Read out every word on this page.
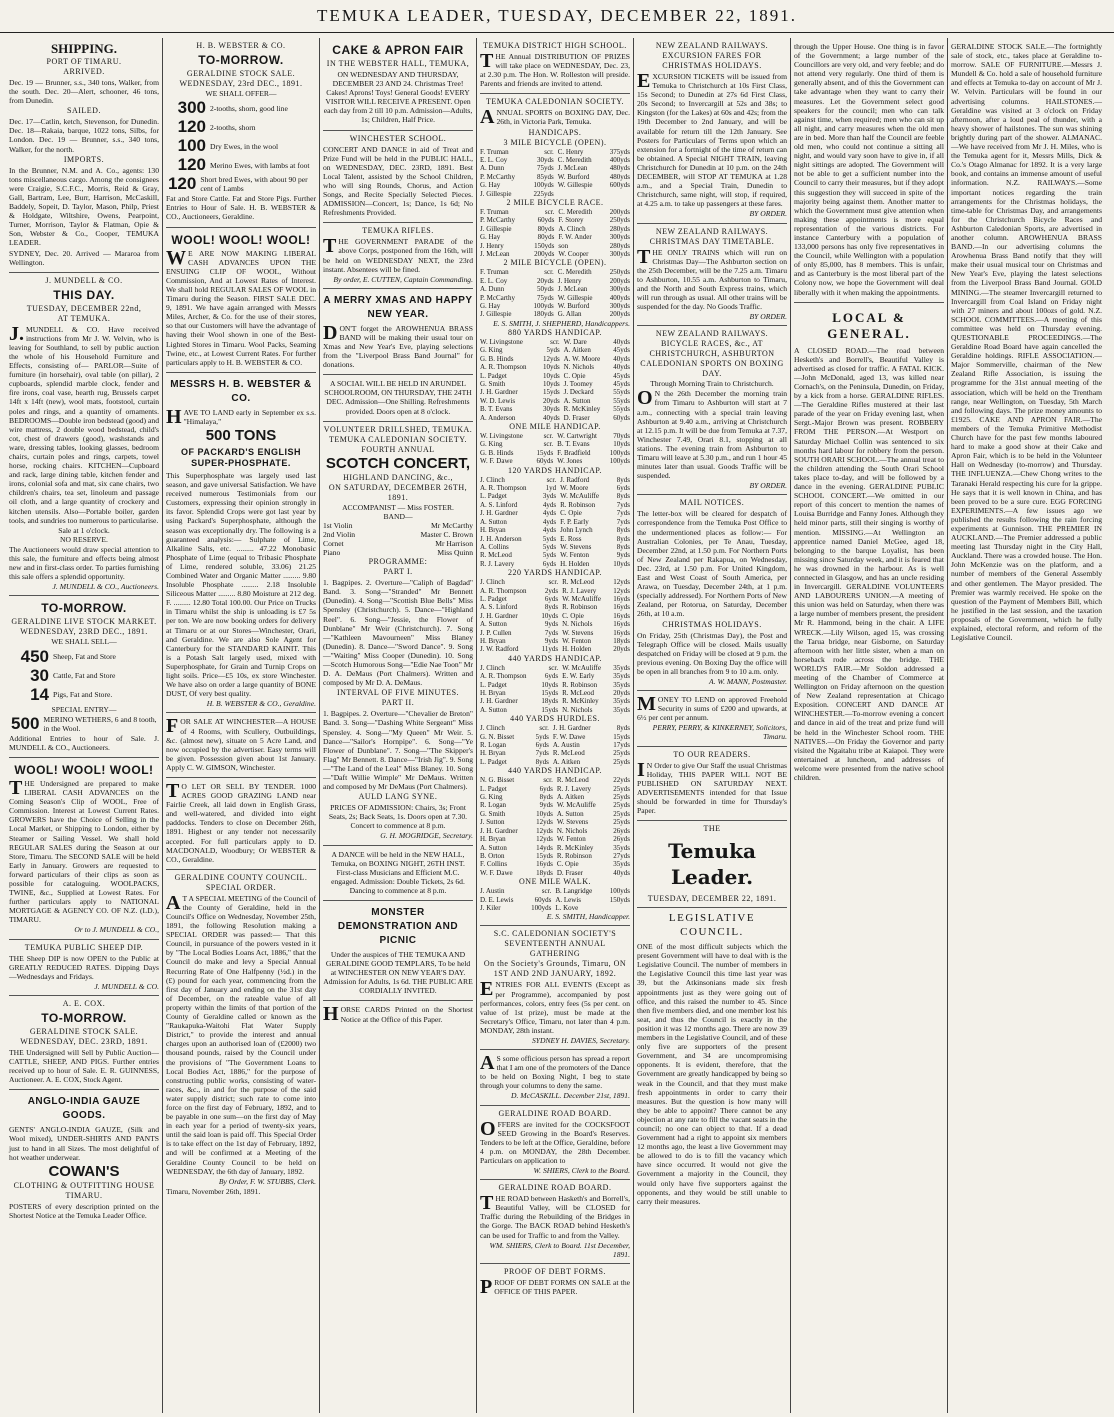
TEMUKA LEADER, TUESDAY, DECEMBER 22, 1891.
SHIPPING.
PORT OF TIMARU.
ARRIVED.
Dec. 19 — Brunner, s.s., 340 tons, Walker, from the south. Dec. 20—Alert, schooner, 46 tons, from Dunedin.
SAILED.
Dec. 17—Catlin, ketch, Stevenson, for Dunedin. Dec. 18—Rakaia, barque, 1022 tons, Silbs, for London. Dec. 19 — Brunner, s.s., 340 tons, Walker, for the north.
IMPORTS.
In the Brunner, N.M. and A. Co., agents: 130 tons miscellaneous cargo. Among the consignees were Craigie, S.C.F.C., Morris, Reid & Gray, Gall, Bartram, Lee, Burr, Harrison, McCaskill, Baddely, Sopeit, D. Taylor, Mason, Philp, Priest & Holdgate, Wiltshire, Owens, Pearpoint, Turner, Morrison, Taylor & Flatman, Opie & Son, Webster & Co., Cooper, TEMUKA LEADER.
SYDNEY, Dec. 20. Arrived — Mararoa from Wellington.
J. MUNDELL & CO.
THIS DAY.
TUESDAY, DECEMBER 22nd,
AT TEMUKA.
J.MUNDELL & CO. Have received instructions from Mr J. W. Velvin, who is leaving for Southland, to sell by public auction the whole of his Household Furniture and Effects, consisting of— PARLOR—Suite of furniture (in horsehair), oval table (on pillar), 2 cupboards, splendid marble clock, fender and fire irons, coal vase, hearth rug, Brussels carpet 14ft x 14ft (new), wool mats, footstool, curtain poles and rings, and a quantity of ornaments. BEDROOMS—Double iron bedstead (good) and wire mattress, 2 double wood bedstead, child's cot, chest of drawers (good), washstands and ware, dressing tables, looking glasses, bedroom chairs, curtain poles and rings, carpets, towel horse, rocking chairs. KITCHEN—Cupboard and rack, large dining table, kitchen fender and irons, colonial sofa and mat, six cane chairs, two children's chairs, tea set, linoleum and passage oil cloth, and a large quantity of crockery and kitchen utensils. Also—Portable boiler, garden tools, and sundries too numerous to particularise.
Sale at 1 o'clock.
NO RESERVE.
The Auctioneers would draw special attention to this sale, the furniture and effects being almost new and in first-class order. To parties furnishing this sale offers a splendid opportunity.
J. MUNDELL & CO., Auctioneers.
TO-MORROW.
GERALDINE LIVE STOCK MARKET.
WEDNESDAY, 23RD DEC., 1891.
WE SHALL SELL—
450 Sheep, Fat and Store
30 Cattle, Fat and Store
14 Pigs, Fat and Store.
SPECIAL ENTRY—
500 MERINO WETHERS, 6 and 8 tooth, in the Wool.
Additional Entries to hour of Sale. J. MUNDELL & CO., Auctioneers.
WOOL! WOOL! WOOL!
THE Undersigned are prepared to make LIBERAL CASH ADVANCES on the Coming Season's Clip of WOOL, Free of Commission. Interest at Lowest Current Rates. GROWERS have the Choice of Selling in the Local Market, or Shipping to London, either by Steamer or Sailing Vessel. We shall hold REGULAR SALES during the Season at our Store, Timaru. The SECOND SALE will be held Early in January. Growers are requested to forward particulars of their clips as soon as possible for cataloguing. WOOLPACKS, TWINE, &c., Supplied at Lowest Rates. For further particulars apply to NATIONAL MORTGAGE & AGENCY CO. OF N.Z. (LD.), TIMARU.
Or to J. MUNDELL & CO.,
TEMUKA PUBLIC SHEEP DIP.
THE Sheep DIP is now OPEN to the Public at GREATLY REDUCED RATES. Dipping Days—Wednesdays and Fridays.
J. MUNDELL & CO.
A. E. COX.
TO-MORROW.
GERALDINE STOCK SALE.
WEDNESDAY, DEC. 23RD, 1891.
THE Undersigned will Sell by Public Auction— CATTLE, SHEEP, AND PIGS. Further entries received up to hour of Sale. E. R. GUINNESS, Auctioneer. A. E. COX, Stock Agent.
ANGLO-INDIA GAUZE GOODS.
GENTS' ANGLO-INDIA GAUZE, (Silk and Wool mixed), UNDER-SHIRTS AND PANTS just to hand in all Sizes. The most delightful of hot weather underwear.
COWAN'S
CLOTHING & OUTFITTING HOUSE TIMARU.
POSTERS of every description printed on the Shortest Notice at the Temuka Leader Office.
H. B. WEBSTER & CO.
TO-MORROW.
GERALDINE STOCK SALE.
WEDNESDAY, 23rd DEC., 1891.
WE SHALL OFFER—
300 2-tooths, shorn, good line
120 2-tooths, shorn
100 Dry Ewes, in the wool
120 Merino Ewes, with lambs at foot
120 Short bred Ewes, with about 90 per cent of Lambs
Fat and Store Cattle. Fat and Store Pigs. Further Entries to Hour of Sale. H. B. WEBSTER & CO., Auctioneers, Geraldine.
WOOL! WOOL! WOOL!
WE ARE NOW MAKING LIBERAL CASH ADVANCES UPON THE ENSUING CLIP OF WOOL, Without Commission, And at Lowest Rates of Interest. We shall hold REGULAR SALES OF WOOL in Timaru during the Season. FIRST SALE DEC. 9, 1891. We have again arranged with Messrs Miles, Archer, & Co. for the use of their stores, so that our Customers will have the advantage of having their Wool shown in one of the Best-Lighted Stores in Timaru. Wool Packs, Seaming Twine, etc., at Lowest Current Rates. For further particulars apply to H. B. WEBSTER & CO.
MESSRS H. B. WEBSTER & CO.
HAVE TO LAND early in September ex s.s. "Himalaya,"
500 TONS
OF PACKARD'S ENGLISH SUPER-PHOSPHATE.
This Superphosphate was largely used last season, and gave universal Satisfaction. We have received numerous Testimonials from our Customers, expressing their opinion strongly in its favor. Splendid Crops were got last year by using Packard's Superphosphate, although the season was exceptionally dry. The following is a guaranteed analysis:— Sulphate of Lime, Alkaline Salts, etc. ......... 47.22 Monobasic Phosphate of Lime (equal to Tribasic Phosphate of Lime, rendered soluble, 33.06) 21.25 Combined Water and Organic Matter ......... 9.80 Insoluble Phosphate ......... 2.18 Insoluble Siliceous Matter ......... 8.80 Moisture at 212 deg. F. ......... 12.80 Total 100.00. Our Price on Trucks in Timaru whilst the ship is unloading is £7 5s per ton. We are now booking orders for delivery at Timaru or at our Stores—Winchester, Orari, and Geraldine. We are also Sole Agent for Canterbury for the STANDARD KAINIT. This is a Potash Salt largely used, mixed with Superphosphate, for Grain and Turnip Crops on light soils. Price—£5 10s, ex store Winchester. We have also on order a large quantity of BONE DUST, Of very best quality.
H. B. WEBSTER & CO., Geraldine.
FOR SALE AT WINCHESTER—A HOUSE of 4 Rooms, with Scullery, Outbuildings, &c. (almost new), situate on 5 Acre Land, and now occupied by the advertiser. Easy terms will be given. Possession given about 1st January. Apply C. W. GIMSON, Winchester.
TO LET OR SELL BY TENDER. 1000 ACRES GOOD GRAZING LAND near Fairlie Creek, all laid down in English Grass, and well-watered, and divided into eight paddocks. Tenders to close on December 26th, 1891. Highest or any tender not necessarily accepted. For full particulars apply to D. MACDONALD, Woodbury; Or WEBSTER & CO., Geraldine.
GERALDINE COUNTY COUNCIL.
SPECIAL ORDER.
AT A SPECIAL MEETING of the Council of the County of Geraldine, held in the Council's Office on Wednesday, November 25th, 1891, the following Resolution making a SPECIAL ORDER was passed:— That this Council, in pursuance of the powers vested in it by "The Local Bodies Loans Act, 1886," that the Council do make and levy a Special Annual Recurring Rate of One Halfpenny (½d.) in the (£) pound for each year, commencing from the first day of January and ending on the 31st day of December, on the rateable value of all property within the limits of that portion of the County of Geraldine called or known as the "Raukapuka-Waitohi Flat Water Supply District," to provide the interest and annual charges upon an authorised loan of (£2000) two thousand pounds, raised by the Council under the provisions of "The Government Loans to Local Bodies Act, 1886," for the purpose of constructing public works, consisting of water-races, &c., in and for the purpose of the said water supply district; such rate to come into force on the first day of February, 1892, and to be payable in one sum—on the first day of May in each year for a period of twenty-six years, until the said loan is paid off. This Special Order is to take effect on the 1st day of February, 1892, and will be confirmed at a Meeting of the Geraldine County Council to be held on WEDNESDAY, the 6th day of January, 1892.
By Order, F. W. STUBBS, Clerk.
Timaru, November 26th, 1891.
CAKE & APRON FAIR
IN THE WEBSTER HALL, TEMUKA,
ON WEDNESDAY AND THURSDAY, DECEMBER 23 AND 24. Christmas Tree! Cakes! Aprons! Toys! General Goods! EVERY VISITOR WILL RECEIVE A PRESENT. Open each day from 2 till 10 p.m. Admission—Adults, 1s; Children, Half Price.
WINCHESTER SCHOOL.
CONCERT AND DANCE in aid of Treat and Prize Fund will be held in the PUBLIC HALL, on WEDNESDAY, DEC. 23RD, 1891. Best Local Talent, assisted by the School Children, who will sing Rounds, Chorus, and Action Songs, and Recite Specially Selected Pieces. ADMISSION—Concert, 1s; Dance, 1s 6d; No Refreshments Provided.
TEMUKA RIFLES.
THE GOVERNMENT PARADE of the above Corps, postponed from the 16th, will be held on WEDNESDAY NEXT, the 23rd instant. Absentees will be fined.
By order, E. CUTTEN, Captain Commanding.
A MERRY XMAS AND HAPPY NEW YEAR.
DON'T forget the AROWHENUA BRASS BAND will be making their usual tour on Xmas and New Year's Eve, playing selections from the "Liverpool Brass Band Journal" for donations.
A SOCIAL WILL BE HELD IN ARUNDEL SCHOOLROOM, ON THURSDAY, THE 24TH DEC. Admission—One Shilling. Refreshments provided. Doors open at 8 o'clock.
VOLUNTEER DRILLSHED, TEMUKA.
TEMUKA CALEDONIAN SOCIETY.
FOURTH ANNUAL
SCOTCH CONCERT,
HIGHLAND DANCING, &c.,
ON SATURDAY, DECEMBER 26TH, 1891.
ACCOMPANIST — Miss FOSTER.
BAND—
1st Violin	Mr McCarthy
2nd Violin	Master C. Brown
Cornet	Mr Harrison
Piano	Miss Quinn
PROGRAMME:
PART I.
1. Bagpipes. 2. Overture—"Caliph of Bagdad" Band. 3. Song—"Stranded" Mr Bennett (Dunedin). 4. Song—"Scottish Blue Bells" Miss Spensley (Christchurch). 5. Dance—"Highland Reel". 6. Song—"Jessie, the Flower of Dunblane" Mr Weir (Christchurch). 7. Song—"Kathleen Mavourneen" Miss Blaney (Dunedin). 8. Dance—"Sword Dance". 9. Song—"Waiting" Miss Cooper (Dunedin). 10. Song—Scotch Humorous Song—"Edie Nae Toon" Mr D. A. DeMaus (Port Chalmers). Written and composed by Mr D. A. DeMaus.
INTERVAL OF FIVE MINUTES.
PART II.
1. Bagpipes. 2. Overture—"Chevalier de Breton" Band. 3. Song—"Dashing White Sergeant" Miss Spensley. 4. Song—"My Queen" Mr Weir. 5. Dance—"Sailor's Hornpipe". 6. Song—"Ye Flower of Dunblane". 7. Song—"The Skipper's Flag" Mr Bennett. 8. Dance—"Irish Jig". 9. Song—"The Land of the Leal" Miss Blaney. 10. Song—"Daft Willie Wimple" Mr DeMaus. Written and composed by Mr DeMaus (Port Chalmers).
AULD LANG SYNE.
PRICES OF ADMISSION: Chairs, 3s; Front Seats, 2s; Back Seats, 1s. Doors open at 7.30. Concert to commence at 8 p.m.
G. H. MOGRIDGE, Secretary.
A DANCE will be held in the NEW HALL, Temuka, on BOXING NIGHT, 26TH INST. First-class Musicians and Efficient M.C. engaged. Admission: Double Tickets, 2s 6d. Dancing to commence at 8 p.m.
MONSTER DEMONSTRATION AND PICNIC
Under the auspices of THE TEMUKA AND GERALDINE GOOD TEMPLARS, To be held at WINCHESTER ON NEW YEAR'S DAY. Admission for Adults, 1s 6d. THE PUBLIC ARE CORDIALLY INVITED.
HORSE CARDS Printed on the Shortest Notice at the Office of this Paper.
TEMUKA DISTRICT HIGH SCHOOL.
THE Annual DISTRIBUTION OF PRIZES will take place on WEDNESDAY, Dec. 23, at 2.30 p.m. The Hon. W. Rolleston will preside. Parents and friends are invited to attend.
TEMUKA CALEDONIAN SOCIETY.
ANNUAL SPORTS on BOXING DAY, Dec. 26th, in Victoria Park, Temuka.
HANDICAPS.
3 MILE BICYCLE (OPEN).
F. Truman	scr.	C. Henry	375yds
E. L. Coy	30yds	C. Meredith	400yds
A. Dunn	75yds	J. McLean	480yds
P. McCarthy	85yds	W. Burford	480yds
G. Hay	100yds	W. Gillespie	600yds
J. Gillespie	225yds		
2 MILE BICYCLE RACE.
F. Truman	scr.	C. Meredith	200yds
P. McCarthy	60yds	F. Storey	250yds
J. Gillespie	80yds	A. Clinch	280yds
G. Hay	80yds	F. W. Ander	300yds
J. Henry	150yds	son	280yds
J. McLean	200yds	W. Cooper	300yds
2 MILE BICYCLE (OPEN).
F. Truman	scr.	C. Meredith	250yds
E. L. Coy	20yds	J. Henry	200yds
A. Dunn	50yds	J. McLean	300yds
P. McCarthy	75yds	W. Gillespie	400yds
G. Hay	100yds	W. Burford	300yds
J. Gillespie	180yds	G. Allan	200yds
E. S. SMITH, J. SHEPHERD, Handicappers.
880 YARDS HANDICAP.
W. Livingstone	scr.	W. Dare	40yds
G. King	5yds	A. Aitken	45yds
G. B. Hinds	12yds	A. W. Moore	40yds
A. R. Thompson	10yds	N. Nichols	40yds
L. Padget	10yds	C. Opie	45yds
G. Smith	10yds	J. Toomey	45yds
J. H. Gardner	15yds	J. Deckard	55yds
W. D. Lewis	20yds	A. Sutton	55yds
B. T. Evans	30yds	R. McKinley	55yds
A. Anderson	40yds	D. Fraser	60yds
ONE MILE HANDICAP.
W. Livingstone	scr.	W. Cartwright	70yds
G. King	scr.	B. T. Evans	10yds
G. B. Hinds	15yds	F. Bradfield	100yds
W. F. Dawe	60yds	W. Jones	100yds
120 YARDS HANDICAP.
J. Clinch	scr.	J. Radford	8yds
A. R. Thompson	1yd	W. Moore	6yds
L. Padget	3yds	W. McAuliffe	8yds
A. S. Linford	4yds	R. Robinson	7yds
J. H. Gardner	4yds	C. Opie	7yds
A. Sutton	4yds	F. P. Early	7yds
H. Bryan	4yds	John Lynch	8yds
J. H. Anderson	5yds	E. Ross	8yds
A. Collins	5yds	W. Stevens	8yds
R. McLeod	5yds	W. Fenton	9yds
R. J. Lavery	6yds	H. Holden	10yds
220 YARDS HANDICAP.
J. Clinch	scr.	R. McLeod	12yds
A. R. Thompson	2yds	R. J. Lavery	12yds
L. Padget	6yds	W. McAuliffe	16yds
A. S. Linford	8yds	R. Robinson	16yds
J. H. Gardner	10yds	C. Opie	16yds
A. Sutton	9yds	N. Nichols	16yds
J. P. Cullen	7yds	W. Stevens	16yds
H. Bryan	9yds	W. Fenton	18yds
J. W. Radford	11yds	H. Holden	20yds
440 YARDS HANDICAP.
J. Clinch	scr.	W. McAuliffe	35yds
A. R. Thompson	6yds	E. W. Early	35yds
L. Padget	10yds	R. Robinson	35yds
H. Bryan	15yds	R. McLeod	20yds
J. H. Gardner	18yds	R. McKinley	35yds
A. Sutton	15yds	N. Nichols	35yds
440 YARDS HURDLES.
J. Clinch	scr.	J. H. Gardner	8yds
G. N. Bisset	5yds	F. W. Dawe	15yds
R. Logan	6yds	A. Austin	17yds
H. Bryan	7yds	R. McLeod	25yds
L. Padget	8yds	A. Aitken	25yds
440 YARDS HANDICAP.
N. G. Bisset	scr.	R. McLeod	22yds
L. Padget	6yds	R. J. Lavery	25yds
G. King	8yds	A. Aitken	25yds
R. Logan	9yds	W. McAuliffe	25yds
G. Smith	10yds	A. Sutton	25yds
J. Sutton	12yds	W. Stevens	25yds
J. H. Gardner	12yds	N. Nichols	26yds
H. Bryan	12yds	W. Fenton	26yds
A. Sutton	14yds	R. McKinley	35yds
B. Orton	15yds	R. Robinson	27yds
F. Collins	16yds	C. Opie	35yds
W. F. Dawe	18yds	D. Fraser	40yds
ONE MILE WALK.
J. Austin	scr.	B. Langridge	100yds
D. E. Lewis	60yds	A. Lewis	150yds
J. Kiler	100yds	L. Kove	
E. S. SMITH, Handicapper.
S.C. CALEDONIAN SOCIETY'S SEVENTEENTH ANNUAL GATHERING
On the Society's Grounds, Timaru, ON 1ST AND 2ND JANUARY, 1892.
ENTRIES FOR ALL EVENTS (Except as per Programme), accompanied by post performances, colors, entry fees (5s per cent. on value of 1st prize), must be made at the Secretary's Office, Timaru, not later than 4 p.m. MONDAY, 28th instant.
SYDNEY H. DAVIES, Secretary.
AS some officious person has spread a report that I am one of the promoters of the Dance to be held on Boxing Night, I beg to state through your columns to deny the same.
D. McCASKILL. December 21st, 1891.
GERALDINE ROAD BOARD.
OFFERS are invited for the COCKSFOOT SEED Growing in the Board's Reserves. Tenders to be left at the Office, Geraldine, before 4 p.m. on MONDAY, the 28th December. Particulars on application to
W. SHIERS, Clerk to the Board.
GERALDINE ROAD BOARD.
THE ROAD between Hasketh's and Borrell's, Beautiful Valley, will be CLOSED for Traffic during the Rebuilding of the Bridges in the Gorge. The BACK ROAD behind Hesketh's can be used for Traffic to and from the Valley.
WM. SHIERS, Clerk to Board. 11st December, 1891.
PROOF OF DEBT FORMS.
PROOF OF DEBT FORMS ON SALE at the OFFICE OF THIS PAPER.
NEW ZEALAND RAILWAYS.
EXCURSION FARES FOR CHRISTMAS HOLIDAYS.
EXCURSION TICKETS will be issued from Temuka to Christchurch at 10s First Class, 15s Second; to Dunedin at 27s 6d First Class, 20s Second; to Invercargill at 52s and 38s; to Kingston (for the Lakes) at 60s and 42s; from the 19th December to 2nd January, and will be available for return till the 12th January. See Posters for Particulars of Terms upon which an extension for a fortnight of the time of return can be obtained. A Special NIGHT TRAIN, leaving Christchurch for Dunedin at 10 p.m. on the 24th DECEMBER, will STOP AT TEMUKA at 1.28 a.m., and a Special Train, Dunedin to Christchurch, same night, will stop, if required, at 4.25 a.m. to take up passengers at these fares.
BY ORDER.
NEW ZEALAND RAILWAYS.
CHRISTMAS DAY TIMETABLE.
THE ONLY TRAINS which will run on Christmas Day—The Ashburton section on the 25th December, will be the 7.25 a.m. Timaru to Ashburton, 10.55 a.m. Ashburton to Timaru, and the North and South Express trains, which will run through as usual. All other trains will be suspended for the day. No Goods Traffic.
BY ORDER.
NEW ZEALAND RAILWAYS.
BICYCLE RACES, &c., AT CHRISTCHURCH, ASHBURTON CALEDONIAN SPORTS ON BOXING DAY.
Through Morning Train to Christchurch.
ON the 26th December the morning train from Timaru to Ashburton will start at 7 a.m., connecting with a special train leaving Ashburton at 9.40 a.m., arriving at Christchurch at 12.15 p.m. It will be due from Temuka at 7.37, Winchester 7.49, Orari 8.1, stopping at all stations. The evening train from Ashburton to Timaru will leave at 5.30 p.m., and run 1 hour 45 minutes later than usual. Goods Traffic will be suspended.
BY ORDER.
MAIL NOTICES.
The letter-box will be cleared for despatch of correspondence from the Temuka Post Office to the undermentioned places as follow:— For Australian Colonies, per Te Anau, Tuesday, December 22nd, at 1.50 p.m. For Northern Ports of New Zealand per Rakapua, on Wednesday, Dec. 23rd, at 1.50 p.m. For United Kingdom, East and West Coast of South America, per Arawa, on Tuesday, December 24th, at 1 p.m. (specially addressed). For Northern Ports of New Zealand, per Rotorua, on Saturday, December 26th, at 10 a.m.
CHRISTMAS HOLIDAYS.
On Friday, 25th (Christmas Day), the Post and Telegraph Office will be closed. Mails usually despatched on Friday will be closed at 9 p.m. the previous evening. On Boxing Day the office will be open in all branches from 9 to 10 a.m. only.
A. W. MANN, Postmaster.
MONEY TO LEND on approved Freehold Security in sums of £200 and upwards, at 6½ per cent per annum.
PERRY, PERRY, & KINKERNEY, Solicitors, Timaru.
TO OUR READERS.
IN Order to give Our Staff the usual Christmas Holiday, THIS PAPER WILL NOT BE PUBLISHED ON SATURDAY NEXT. ADVERTISEMENTS intended for that Issue should be forwarded in time for Thursday's Paper.
THE
Temuka Leader.
TUESDAY, DECEMBER 22, 1891.
LEGISLATIVE COUNCIL.
ONE of the most difficult subjects which the present Government will have to deal with is the Legislative Council. The number of members in the Legislative Council this time last year was 39, but the Atkinsonians made six fresh appointments just as they were going out of office, and this raised the number to 45. Since then five members died, and one member lost his seat, and thus the Council is exactly in the position it was 12 months ago. There are now 39 members in the Legislative Council, and of these only five are supporters of the present Government, and 34 are uncompromising opponents. It is evident, therefore, that the Government are greatly handicapped by being so weak in the Council, and that they must make fresh appointments in order to carry their measures. But the question is how many will they be able to appoint? There cannot be any objection at any rate to fill the vacant seats in the council; no one can object to that. If a dead Government had a right to appoint six members 12 months ago, the least a live Government may be allowed to do is to fill the vacancy which have since occurred. It would not give the Government a majority in the Council, they would only have five supporters against the opponents, and they would be still unable to carry their measures.
through the Upper House. One thing is in favor of the Government; a large number of the Councillors are very old, and very feeble; and do not attend very regularly. One third of them is generally absent, and of this the Government can take advantage when they want to carry their measures. Let the Government select good speakers for the council; men who can talk against time, when required; men who can sit up all night, and carry measures when the old men are in bed. More than half the Council are feeble old men, who could not continue a sitting all night, and would vary soon have to give in, if all night sittings are adopted. The Government will not be able to get a sufficient number into the Council to carry their measures, but if they adopt this suggestion they will succeed in spite of the majority being against them. Another matter to which the Government must give attention when making these appointments is more equal representation of the various districts. For instance Canterbury with a population of 133,000 persons has only five representatives in the Council, while Wellington with a population of only 85,000, has 8 members. This is unfair, and as Canterbury is the most liberal part of the Colony now, we hope the Government will deal liberally with it when making the appointments.
LOCAL & GENERAL.
A CLOSED ROAD.—The road between Hesketh's and Borrell's, Beautiful Valley is advertised as closed for traffic. A FATAL KICK.—John McDonald, aged 13, was killed near Cornach's, on the Peninsula, Dunedin, on Friday, by a kick from a horse. GERALDINE RIFLES.—The Geraldine Rifles mustered at their last parade of the year on Friday evening last, when Sergt.-Major Brown was present. ROBBERY FROM THE PERSON.—At Westport on Saturday Michael Collin was sentenced to six months hard labour for robbery from the person. SOUTH ORARI SCHOOL.—The annual treat to the children attending the South Orari School takes place to-day, and will be followed by a dance in the evening. GERALDINE PUBLIC SCHOOL CONCERT.—We omitted in our report of this concert to mention the names of Louisa Burridge and Fanny Jones. Although they held minor parts, still their singing is worthy of mention. MISSING.—At Wellington an apprentice named Daniel McGee, aged 18, belonging to the barque Loyalist, has been missing since Saturday week, and it is feared that he was drowned in the harbour. As is well connected in Glasgow, and has an uncle residing in Invercargill. GERALDINE VOLUNTEERS AND LABOURERS UNION.—A meeting of this union was held on Saturday, when there was a large number of members present, the president Mr R. Hammond, being in the chair. A LIFE WRECK.—Lily Wilson, aged 15, was crossing the Tarua bridge, near Gisborne, on Saturday afternoon with her little sister, when a man on horseback rode across the bridge. THE WORLD'S FAIR.—Mr Soldon addressed a meeting of the Chamber of Commerce at Wellington on Friday afternoon on the question of New Zealand representation at Chicago Exposition. CONCERT AND DANCE AT WINCHESTER.—To-morrow evening a concert and dance in aid of the treat and prize fund will be held in the Winchester School room. THE NATIVES.—On Friday the Governor and party visited the Ngaitahu tribe at Kaiapoi. They were entertained at luncheon, and addresses of welcome were presented from the native school children.
GERALDINE STOCK SALE.—The fortnightly sale of stock, etc., takes place at Geraldine to-morrow. SALE OF FURNITURE.—Messrs J. Mundell & Co. hold a sale of household furniture and effects at Temuka to-day on account of Mr J. W. Velvin. Particulars will be found in our advertising columns. HAILSTONES.—Geraldine was visited at 3 o'clock on Friday afternoon, after a loud peal of thunder, with a heavy shower of hailstones. The sun was shining brightly during part of the shower. ALMANAC.—We have received from Mr J. H. Miles, who is the Temuka agent for it, Messrs Mills, Dick & Co.'s Otago Almanac for 1892. It is a very large book, and contains an immense amount of useful information. N.Z. RAILWAYS.—Some important notices regarding the train arrangements for the Christmas holidays, the time-table for Christmas Day, and arrangements for the Christchurch Bicycle Races and Ashburton Caledonian Sports, are advertised in another column. AROWHENUA BRASS BAND.—In our advertising columns the Arowhenua Brass Band notify that they will make their usual musical tour on Christmas and New Year's Eve, playing the latest selections from the Liverpool Brass Band Journal. GOLD MINING.—The steamer Invercargill returned to Invercargill from Coal Island on Friday night with 27 miners and about 100ozs of gold. N.Z. SCHOOL COMMITTEES.—A meeting of this committee was held on Thursday evening. QUESTIONABLE PROCEEDINGS.—The Geraldine Road Board have again cancelled the Geraldine holdings. RIFLE ASSOCIATION.—Major Sommerville, chairman of the New Zealand Rifle Association, is issuing the programme for the 31st annual meeting of the association, which will be held on the Trentham range, near Wellington, on Tuesday, 5th March and following days. The prize money amounts to £1925. CAKE AND APRON FAIR.—The members of the Temuka Primitive Methodist Church have for the past few months laboured hard to make a good show at their Cake and Apron Fair, which is to be held in the Volunteer Hall on Wednesday (to-morrow) and Thursday. THE INFLUENZA.—Chew Chong writes to the Taranaki Herald respecting his cure for la grippe. He says that it is well known in China, and has been proved to be a sure cure. EGG FORCING EXPERIMENTS.—A few issues ago we published the results following the rain forcing experiments at Gunnison. THE PREMIER IN AUCKLAND.—The Premier addressed a public meeting last Thursday night in the City Hall, Auckland. There was a crowded house. The Hon. John McKenzie was on the platform, and a number of members of the General Assembly and other gentlemen. The Mayor presided. The Premier was warmly received. He spoke on the question of the Payment of Members Bill, which he justified in the last session, and the taxation proposals of the Government, which he fully explained, electoral reform, and reform of the Legislative Council.
